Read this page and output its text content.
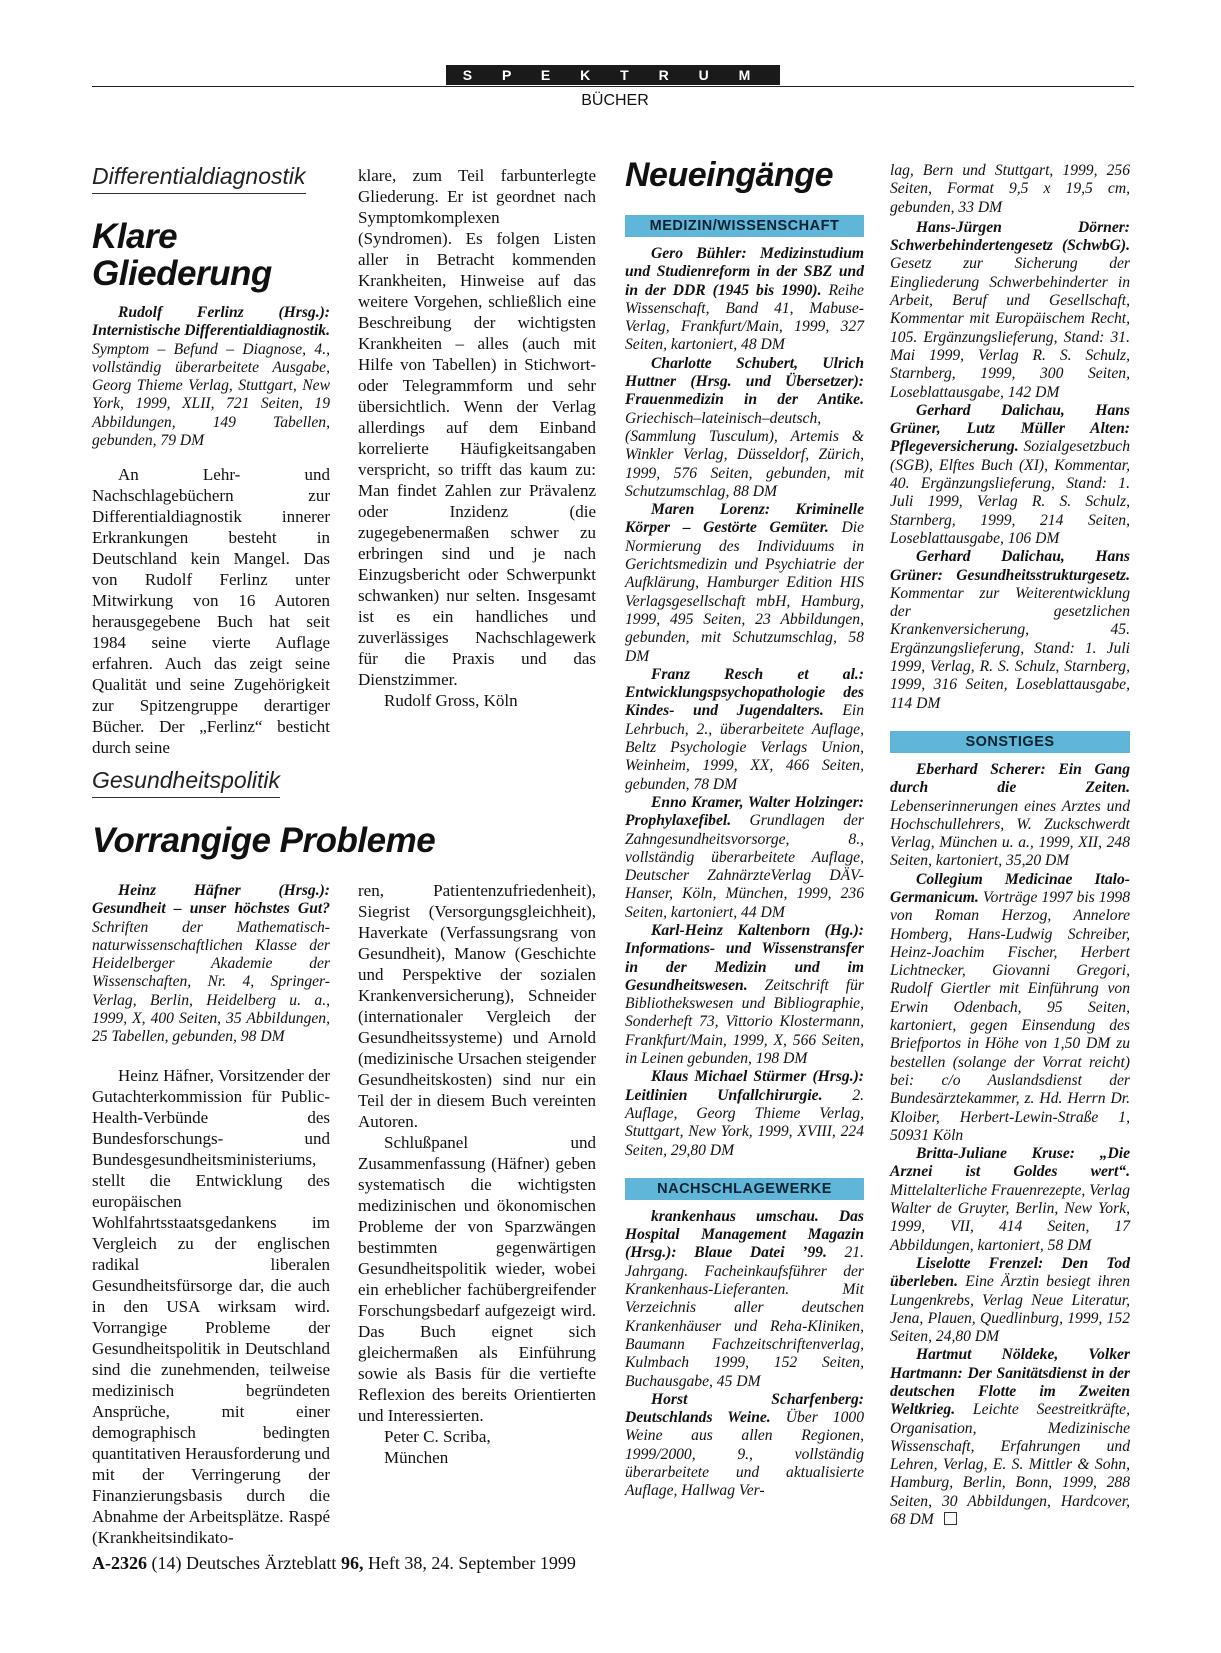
S P E K T R U M
BÜCHER
Differentialdiagnostik
Klare
Gliederung

Rudolf Ferlinz (Hrsg.): Internistische Differentialdiagnostik. Symptom – Befund – Diagnose, 4., vollständig überarbeitete Ausgabe, Georg Thieme Verlag, Stuttgart, New York, 1999, XLII, 721 Seiten, 19 Abbildungen, 149 Tabellen, gebunden, 79 DM

An Lehr- und Nachschlagebüchern zur Differentialdiagnostik innerer Erkrankungen besteht in Deutschland kein Mangel. Das von Rudolf Ferlinz unter Mitwirkung von 16 Autoren herausgegebene Buch hat seit 1984 seine vierte Auflage erfahren. Auch das zeigt seine Qualität und seine Zugehörigkeit zur Spitzengruppe derartiger Bücher. Der „Ferlinz“ besticht durch seine

klare, zum Teil farbunterlegte Gliederung. Er ist geordnet nach Symptomkomplexen (Syndromen). Es folgen Listen aller in Betracht kommenden Krankheiten, Hinweise auf das weitere Vorgehen, schließlich eine Beschreibung der wichtigsten Krankheiten – alles (auch mit Hilfe von Tabellen) in Stichwort- oder Telegrammform und sehr übersichtlich. Wenn der Verlag allerdings auf dem Einband korrelierte Häufigkeitsangaben verspricht, so trifft das kaum zu: Man findet Zahlen zur Prävalenz oder Inzidenz (die zugegebenermaßen schwer zu erbringen sind und je nach Einzugsbericht oder Schwerpunkt schwanken) nur selten. Insgesamt ist es ein handliches und zuverlässiges Nachschlagewerk für die Praxis und das Dienstzimmer.

Rudolf Gross, Köln

Gesundheitspolitik
Vorrangige Probleme

Heinz Häfner (Hrsg.): Gesundheit – unser höchstes Gut? Schriften der Mathematisch-naturwissenschaftlichen Klasse der Heidelberger Akademie der Wissenschaften, Nr. 4, Springer-Verlag, Berlin, Heidelberg u. a., 1999, X, 400 Seiten, 35 Abbildungen, 25 Tabellen, gebunden, 98 DM

Heinz Häfner, Vorsitzender der Gutachterkommission für Public-Health-Verbünde des Bundesforschungs- und Bundesgesundheitsministeriums, stellt die Entwicklung des europäischen Wohlfahrtsstaatsgedankens im Vergleich zu der englischen radikal liberalen Gesundheitsfürsorge dar, die auch in den USA wirksam wird. Vorrangige Probleme der Gesundheitspolitik in Deutschland sind die zunehmenden, teilweise medizinisch begründeten Ansprüche, mit einer demographisch bedingten quantitativen Herausforderung und mit der Verringerung der Finanzierungsbasis durch die Abnahme der Arbeitsplätze. Raspé (Krankheitsindikato-

ren, Patientenzufriedenheit), Siegrist (Versorgungsgleichheit), Haverkate (Verfassungsrang von Gesundheit), Manow (Geschichte und Perspektive der sozialen Krankenversicherung), Schneider (internationaler Vergleich der Gesundheitssysteme) und Arnold (medizinische Ursachen steigender Gesundheitskosten) sind nur ein Teil der in diesem Buch vereinten Autoren.

Schlußpanel und Zusammenfassung (Häfner) geben systematisch die wichtigsten medizinischen und ökonomischen Probleme der von Sparzwängen bestimmten gegenwärtigen Gesundheitspolitik wieder, wobei ein erheblicher fachübergreifender Forschungsbedarf aufgezeigt wird. Das Buch eignet sich gleichermaßen als Einführung sowie als Basis für die vertiefte Reflexion des bereits Orientierten und Interessierten.

Peter C. Scriba,

München

Neueingänge
MEDIZIN/WISSENSCHAFT

Gero Bühler: Medizinstudium und Studienreform in der SBZ und in der DDR (1945 bis 1990). Reihe Wissenschaft, Band 41, Mabuse-Verlag, Frankfurt/Main, 1999, 327 Seiten, kartoniert, 48 DM

Charlotte Schubert, Ulrich Huttner (Hrsg. und Übersetzer): Frauenmedizin in der Antike. Griechisch–lateinisch–deutsch, (Sammlung Tusculum), Artemis & Winkler Verlag, Düsseldorf, Zürich, 1999, 576 Seiten, gebunden, mit Schutzumschlag, 88 DM

Maren Lorenz: Kriminelle Körper – Gestörte Gemüter. Die Normierung des Individuums in Gerichtsmedizin und Psychiatrie der Aufklärung, Hamburger Edition HIS Verlagsgesellschaft mbH, Hamburg, 1999, 495 Seiten, 23 Abbildungen, gebunden, mit Schutzumschlag, 58 DM

Franz Resch et al.: Entwicklungspsychopathologie des Kindes- und Jugendalters. Ein Lehrbuch, 2., überarbeitete Auflage, Beltz Psychologie Verlags Union, Weinheim, 1999, XX, 466 Seiten, gebunden, 78 DM

Enno Kramer, Walter Holzinger: Prophylaxefibel. Grundlagen der Zahngesundheitsvorsorge, 8., vollständig überarbeitete Auflage, Deutscher ZahnärzteVerlag DÄV-Hanser, Köln, München, 1999, 236 Seiten, kartoniert, 44 DM

Karl-Heinz Kaltenborn (Hg.): Informations- und Wissenstransfer in der Medizin und im Gesundheitswesen. Zeitschrift für Bibliothekswesen und Bibliographie, Sonderheft 73, Vittorio Klostermann, Frankfurt/Main, 1999, X, 566 Seiten, in Leinen gebunden, 198 DM

Klaus Michael Stürmer (Hrsg.): Leitlinien Unfallchirurgie. 2. Auflage, Georg Thieme Verlag, Stuttgart, New York, 1999, XVIII, 224 Seiten, 29,80 DM

NACHSCHLAGEWERKE

krankenhaus umschau. Das Hospital Management Magazin (Hrsg.): Blaue Datei ’99. 21. Jahrgang. Facheinkaufsführer der Krankenhaus-Lieferanten. Mit Verzeichnis aller deutschen Krankenhäuser und Reha-Kliniken, Baumann Fachzeitschriftenverlag, Kulmbach 1999, 152 Seiten, Buchausgabe, 45 DM

Horst Scharfenberg: Deutschlands Weine. Über 1000 Weine aus allen Regionen, 1999/2000, 9., vollständig überarbeitete und aktualisierte Auflage, Hallwag Ver-

lag, Bern und Stuttgart, 1999, 256 Seiten, Format 9,5 x 19,5 cm, gebunden, 33 DM

Hans-Jürgen Dörner: Schwerbehindertengesetz (SchwbG). Gesetz zur Sicherung der Eingliederung Schwerbehinderter in Arbeit, Beruf und Gesellschaft, Kommentar mit Europäischem Recht, 105. Ergänzungslieferung, Stand: 31. Mai 1999, Verlag R. S. Schulz, Starnberg, 1999, 300 Seiten, Loseblattausgabe, 142 DM

Gerhard Dalichau, Hans Grüner, Lutz Müller Alten: Pflegeversicherung. Sozialgesetzbuch (SGB), Elftes Buch (XI), Kommentar, 40. Ergänzungslieferung, Stand: 1. Juli 1999, Verlag R. S. Schulz, Starnberg, 1999, 214 Seiten, Loseblattausgabe, 106 DM

Gerhard Dalichau, Hans Grüner: Gesundheitsstrukturgesetz. Kommentar zur Weiterentwicklung der gesetzlichen Krankenversicherung, 45. Ergänzungslieferung, Stand: 1. Juli 1999, Verlag, R. S. Schulz, Starnberg, 1999, 316 Seiten, Loseblattausgabe, 114 DM

SONSTIGES

Eberhard Scherer: Ein Gang durch die Zeiten. Lebenserinnerungen eines Arztes und Hochschullehrers, W. Zuckschwerdt Verlag, München u. a., 1999, XII, 248 Seiten, kartoniert, 35,20 DM

Collegium Medicinae Italo-Germanicum. Vorträge 1997 bis 1998 von Roman Herzog, Annelore Homberg, Hans-Ludwig Schreiber, Heinz-Joachim Fischer, Herbert Lichtnecker, Giovanni Gregori, Rudolf Giertler mit Einführung von Erwin Odenbach, 95 Seiten, kartoniert, gegen Einsendung des Briefportos in Höhe von 1,50 DM zu bestellen (solange der Vorrat reicht) bei: c/o Auslandsdienst der Bundesärztekammer, z. Hd. Herrn Dr. Kloiber, Herbert-Lewin-Straße 1, 50931 Köln

Britta-Juliane Kruse: „Die Arznei ist Goldes wert“. Mittelalterliche Frauenrezepte, Verlag Walter de Gruyter, Berlin, New York, 1999, VII, 414 Seiten, 17 Abbildungen, kartoniert, 58 DM

Liselotte Frenzel: Den Tod überleben. Eine Ärztin besiegt ihren Lungenkrebs, Verlag Neue Literatur, Jena, Plauen, Quedlinburg, 1999, 152 Seiten, 24,80 DM

Hartmut Nöldeke, Volker Hartmann: Der Sanitätsdienst in der deutschen Flotte im Zweiten Weltkrieg. Leichte Seestreitkräfte, Organisation, Medizinische Wissenschaft, Erfahrungen und Lehren, Verlag, E. S. Mittler & Sohn, Hamburg, Berlin, Bonn, 1999, 288 Seiten, 30 Abbildungen, Hardcover, 68 DM

A-2326 (14) Deutsches Ärzteblatt 96, Heft 38, 24. September 1999
